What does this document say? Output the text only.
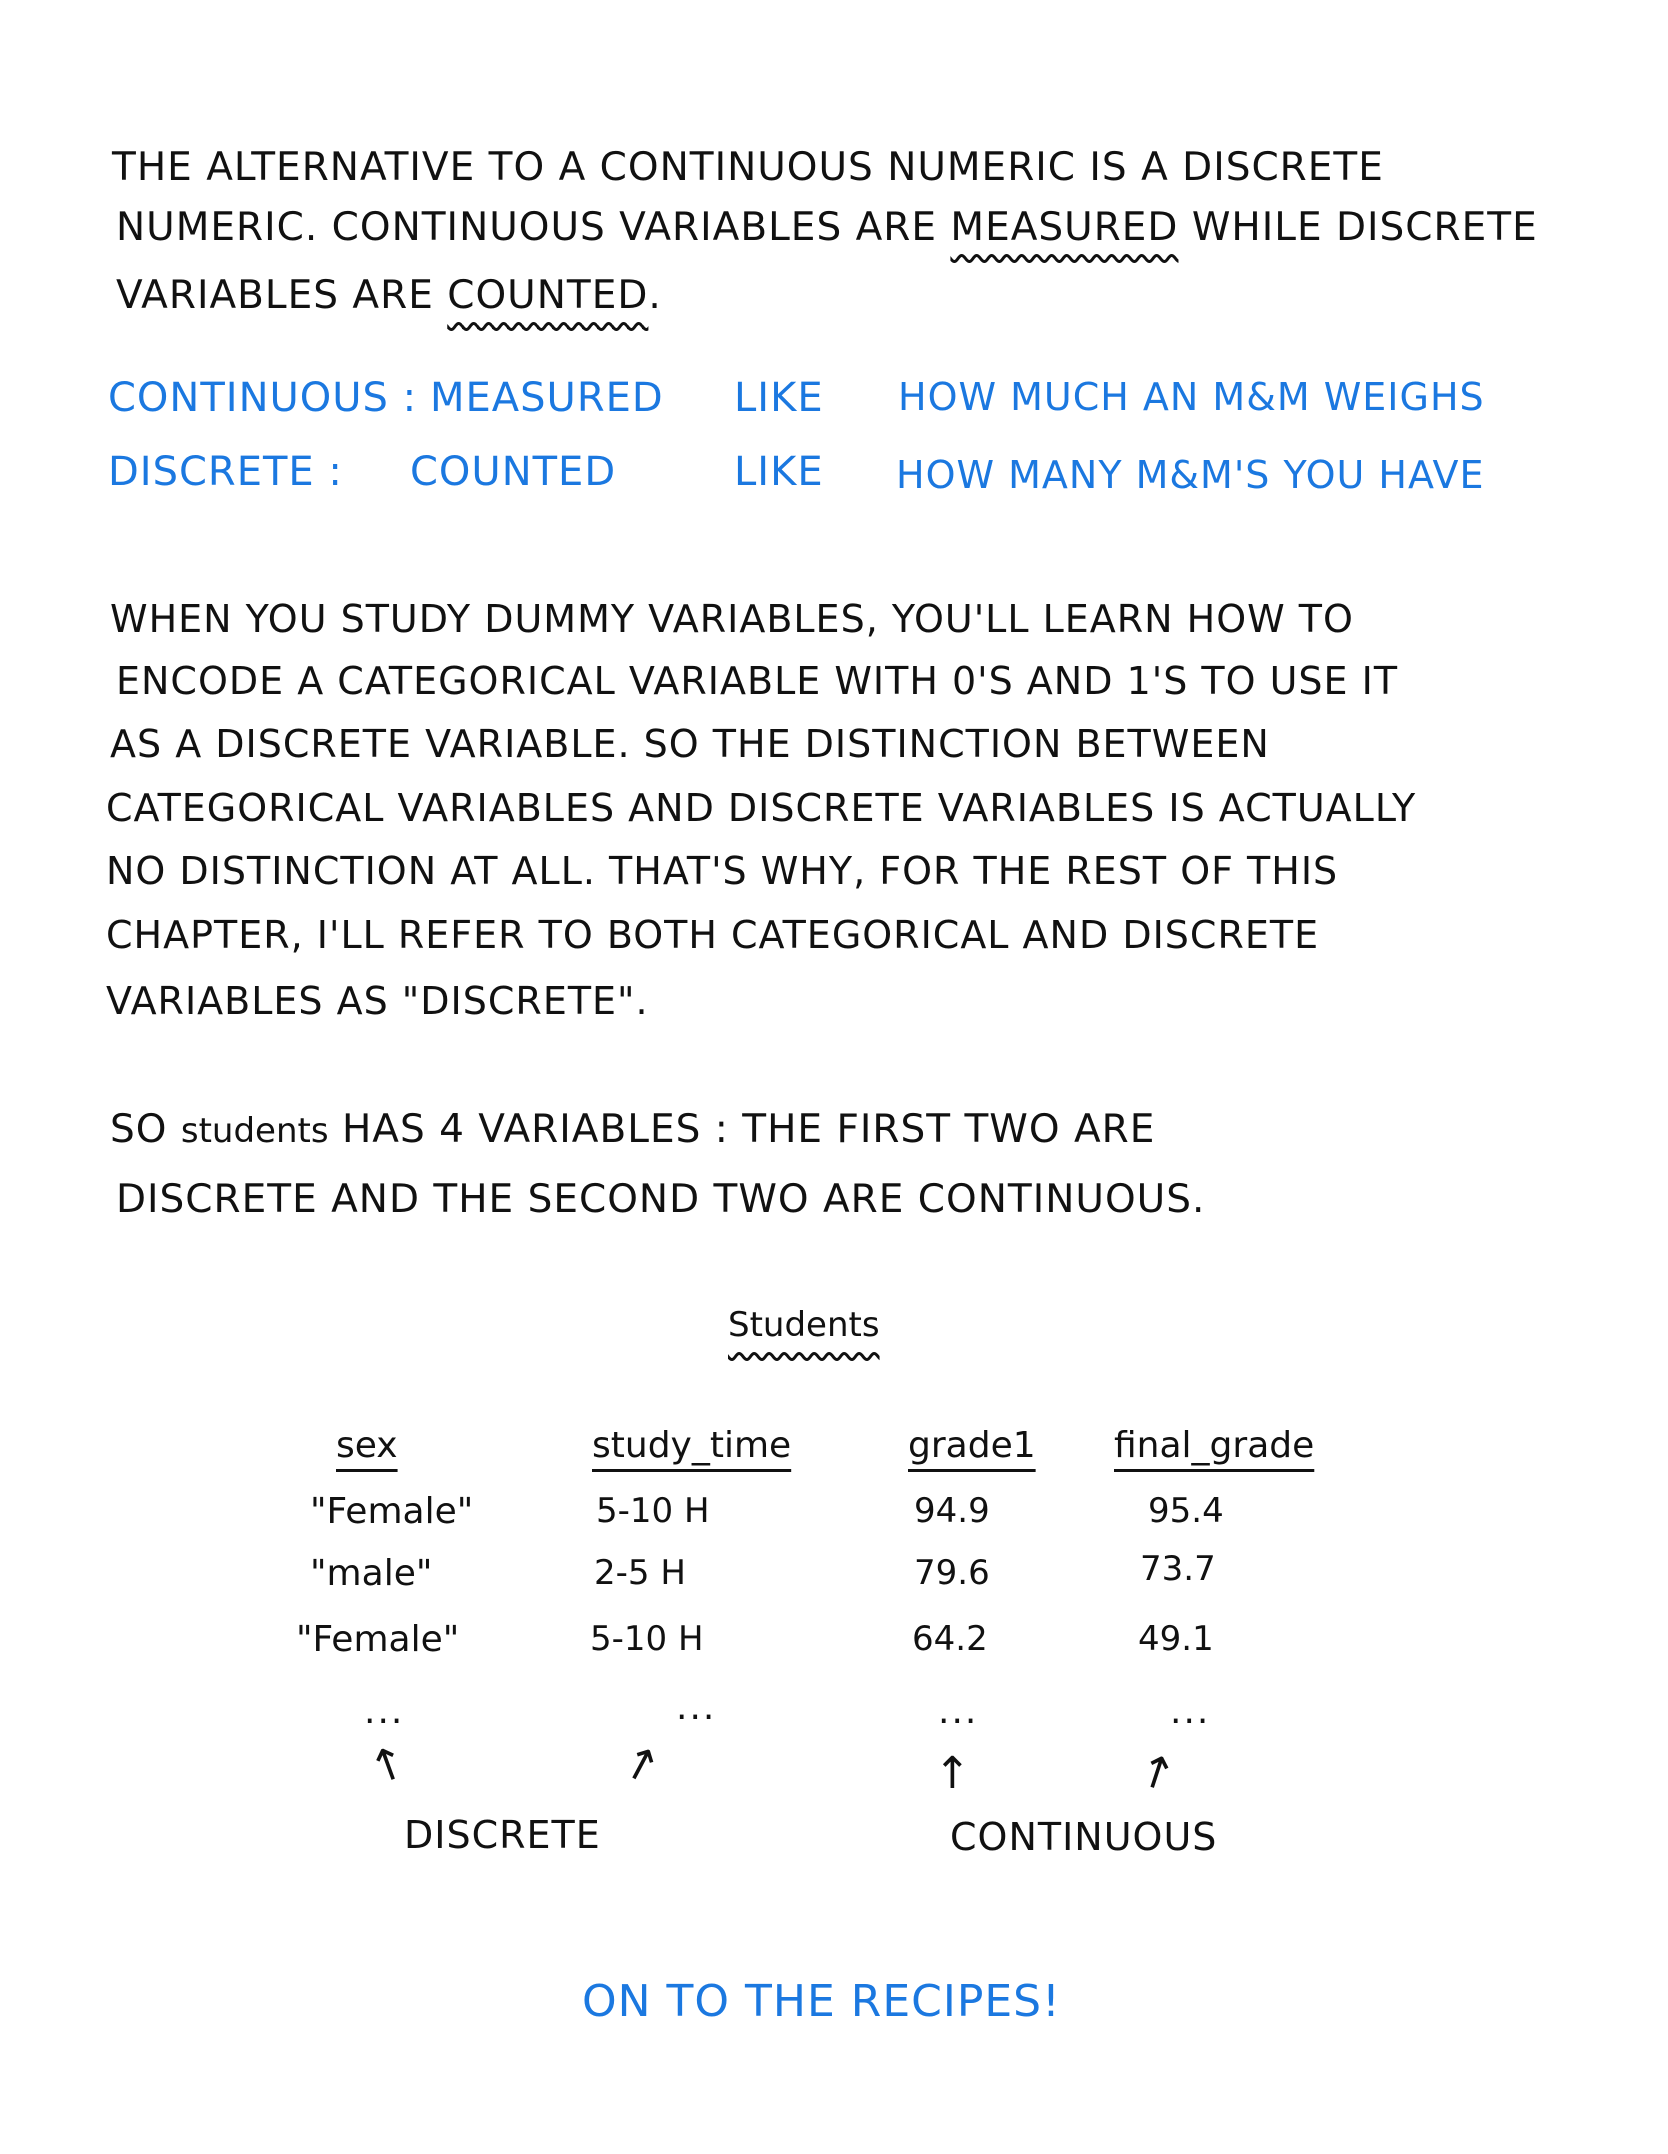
THE ALTERNATIVE TO A CONTINUOUS NUMERIC IS A DISCRETE
NUMERIC. CONTINUOUS VARIABLES ARE MEASURED WHILE DISCRETE
VARIABLES ARE COUNTED.
CONTINUOUS : MEASURED LIKE HOW MUCH AN M&M WEIGHS
DISCRETE : COUNTED	LIKE HOW MANY M&M'S YOU HAVE
WHEN YOU STUDY DUMMY VARIABLES, YOU'LL LEARN HOW TO
ENCODE A CATEGORICAL VARIABLE WITH 0'S AND 1'S TO USE IT
AS A DISCRETE VARIABLE. SO THE DISTINCTION BETWEEN
CATEGORICAL VARIABLES AND DISCRETE VARIABLES IS ACTUALLY
NO DISTINCTION AT ALL. THAT'S WHY, FOR THE REST OF THIS
CHAPTER, I'LL REFER TO BOTH CATEGORICAL AND DISCRETE
VARIABLES AS "DISCRETE".
SO students HAS 4 VARIABLES : THE FIRST TWO ARE
DISCRETE AND THE SECOND TWO ARE CONTINUOUS.
Students
sex	study_time	grade1 final_grade
"Female"	5-10 H	94.9	95.4
"male"	2-5 H	79.6	73.7
"Female"	5-10 H	64.2	49.1
...	...	...	...
↑	↑	↑	↑
DISCRETE	CONTINUOUS
ON TO THE RECIPES!
